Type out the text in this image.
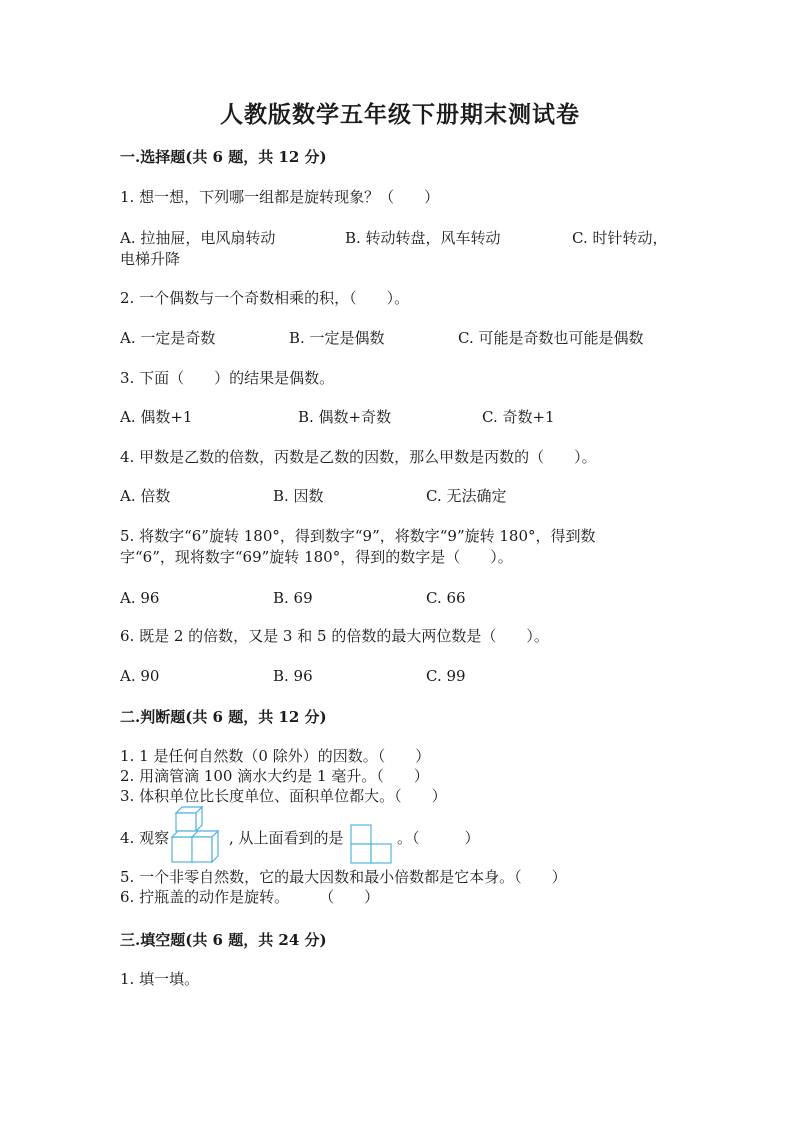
人教版数学五年级下册期末测试卷

一.选择题(共 6 题，共 12 分)

1. 想一想，下列哪一组都是旋转现象？（　　）

A. 拉抽屉，电风扇转动	B. 转动转盘，风车转动	C. 时针转动，
电梯升降

2. 一个偶数与一个奇数相乘的积，（　　）。

A. 一定是奇数	B. 一定是偶数	C. 可能是奇数也可能是偶数

3. 下面（　　）的结果是偶数。

A. 偶数+1	B. 偶数+奇数	C. 奇数+1

4. 甲数是乙数的倍数，丙数是乙数的因数，那么甲数是丙数的（　　）。

A. 倍数	B. 因数	C. 无法确定

5. 将数字“6”旋转 180°，得到数字“9”，将数字“9”旋转 180°，得到数

字“6”，现将数字“69”旋转 180°，得到的数字是（　　）。

A. 96	B. 69	C. 66

6. 既是 2 的倍数，又是 3 和 5 的倍数的最大两位数是（　　）。

A. 90	B. 96	C. 99

二.判断题(共 6 题，共 12 分)

1. 1 是任何自然数（0 除外）的因数。（　　）

2. 用滴管滴 100 滴水大约是 1 毫升。（　　）

3. 体积单位比长度单位、面积单位都大。（　　）

4. 观察	, 从上面看到的是	。（　　　）

5. 一个非零自然数，它的最大因数和最小倍数都是它本身。（　　）

6. 拧瓶盖的动作是旋转。　　　（　　）

三.填空题(共 6 题，共 24 分)

1. 填一填。
